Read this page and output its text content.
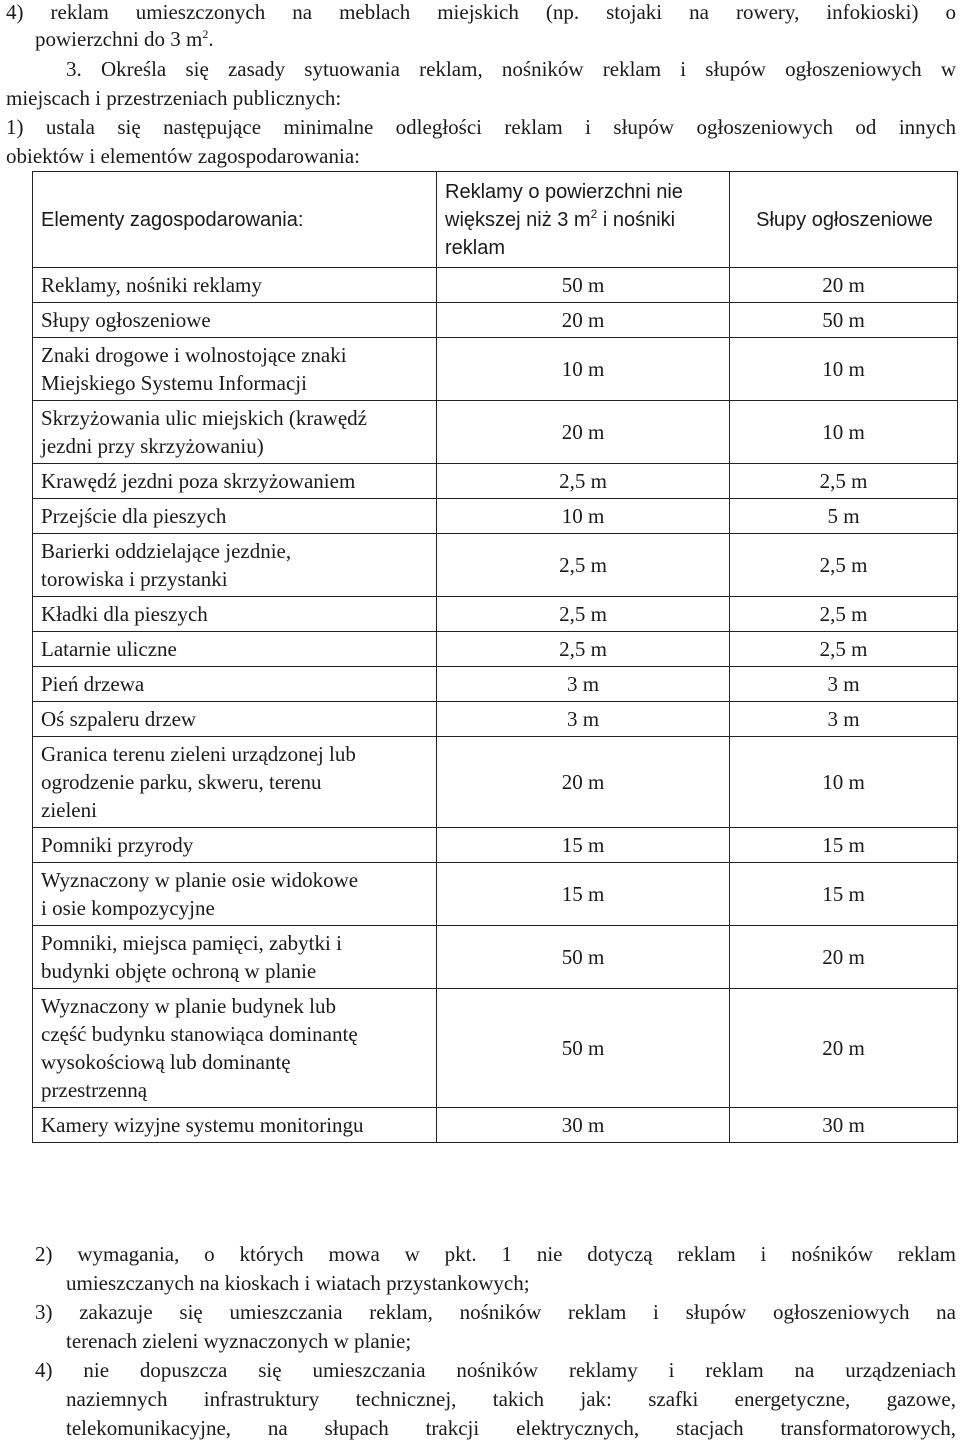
4) reklam umieszczonych na meblach miejskich (np. stojaki na rowery, infokioski) o
powierzchni do 3 $m^2$.
3. Określa się zasady sytuowania reklam, nośników reklam i słupów ogłoszeniowych w
miejscach i przestrzeniach publicznych:
1) ustala się następujące minimalne odległości reklam i słupów ogłoszeniowych od innych
obiektów i elementów zagospodarowania:
Elementy zagospodarowania:	Reklamy o powierzchni nie
większej niż 3 $m^2$ i nośniki
reklam	Słupy ogłoszeniowe
Reklamy, nośniki reklamy	50 m	20 m
Słupy ogłoszeniowe	20 m	50 m
Znaki drogowe i wolnostojące znaki
Miejskiego Systemu Informacji	10 m	10 m
Skrzyżowania ulic miejskich (krawędź
jezdni przy skrzyżowaniu)	20 m	10 m
Krawędź jezdni poza skrzyżowaniem	2,5 m	2,5 m
Przejście dla pieszych	10 m	5 m
Barierki oddzielające jezdnie,
torowiska i przystanki	2,5 m	2,5 m
Kładki dla pieszych	2,5 m	2,5 m
Latarnie uliczne	2,5 m	2,5 m
Pień drzewa	3 m	3 m
Oś szpaleru drzew	3 m	3 m
Granica terenu zieleni urządzonej lub
ogrodzenie parku, skweru, terenu
zieleni	20 m	10 m
Pomniki przyrody	15 m	15 m
Wyznaczony w planie osie widokowe
i osie kompozycyjne	15 m	15 m
Pomniki, miejsca pamięci, zabytki i
budynki objęte ochroną w planie	50 m	20 m
Wyznaczony w planie budynek lub
część budynku stanowiąca dominantę
wysokościową lub dominantę
przestrzenną	50 m	20 m
Kamery wizyjne systemu monitoringu	30 m	30 m
2) wymagania, o których mowa w pkt. 1 nie dotyczą reklam i nośników reklam
umieszczanych na kioskach i wiatach przystankowych;
3) zakazuje się umieszczania reklam, nośników reklam i słupów ogłoszeniowych na
terenach zieleni wyznaczonych w planie;
4) nie dopuszcza się umieszczania nośników reklamy i reklam na urządzeniach
naziemnych infrastruktury technicznej, takich jak: szafki energetyczne, gazowe,
telekomunikacyjne, na słupach trakcji elektrycznych, stacjach transformatorowych,
